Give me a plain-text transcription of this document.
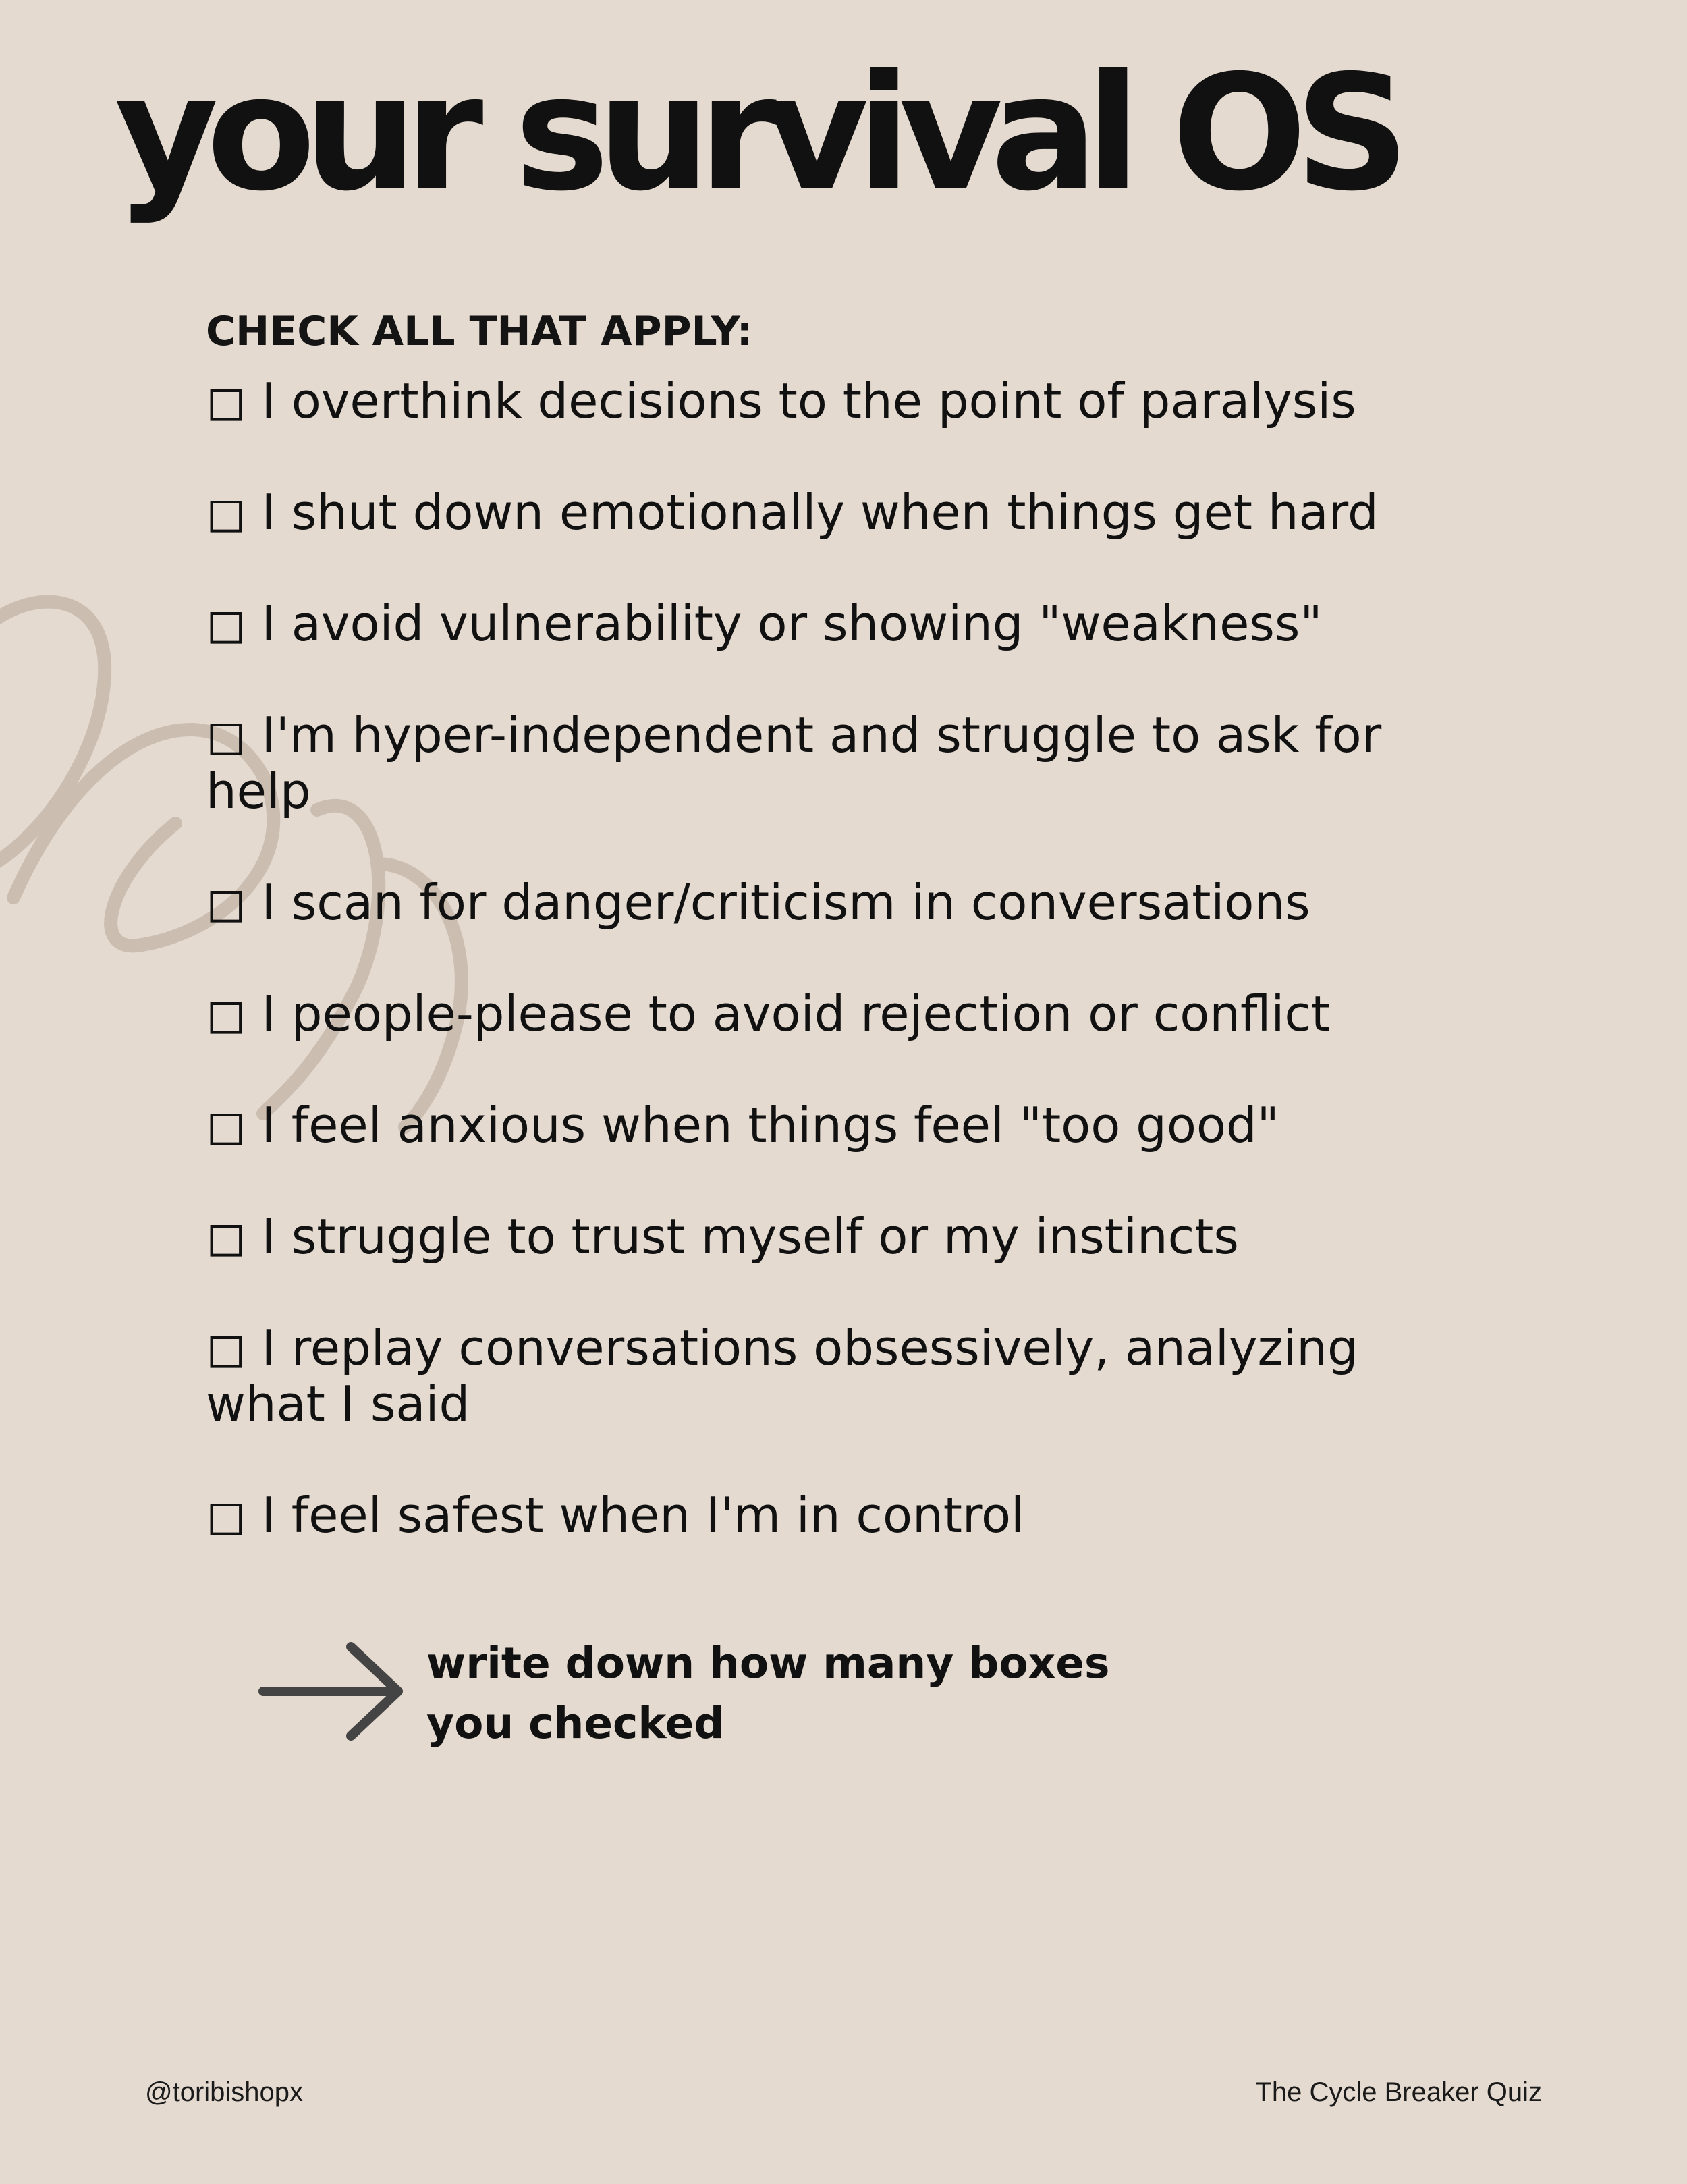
your survival OS
CHECK ALL THAT APPLY:
◻ I overthink decisions to the point of paralysis
◻ I shut down emotionally when things get hard
◻ I avoid vulnerability or showing "weakness"
◻ I'm hyper-independent and struggle to ask for help
◻ I scan for danger/criticism in conversations
◻ I people-please to avoid rejection or conflict
◻ I feel anxious when things feel "too good"
◻ I struggle to trust myself or my instincts
◻ I replay conversations obsessively, analyzing what I said
◻ I feel safest when I'm in control
write down how many boxes
you checked
@toribishopx	The Cycle Breaker Quiz
